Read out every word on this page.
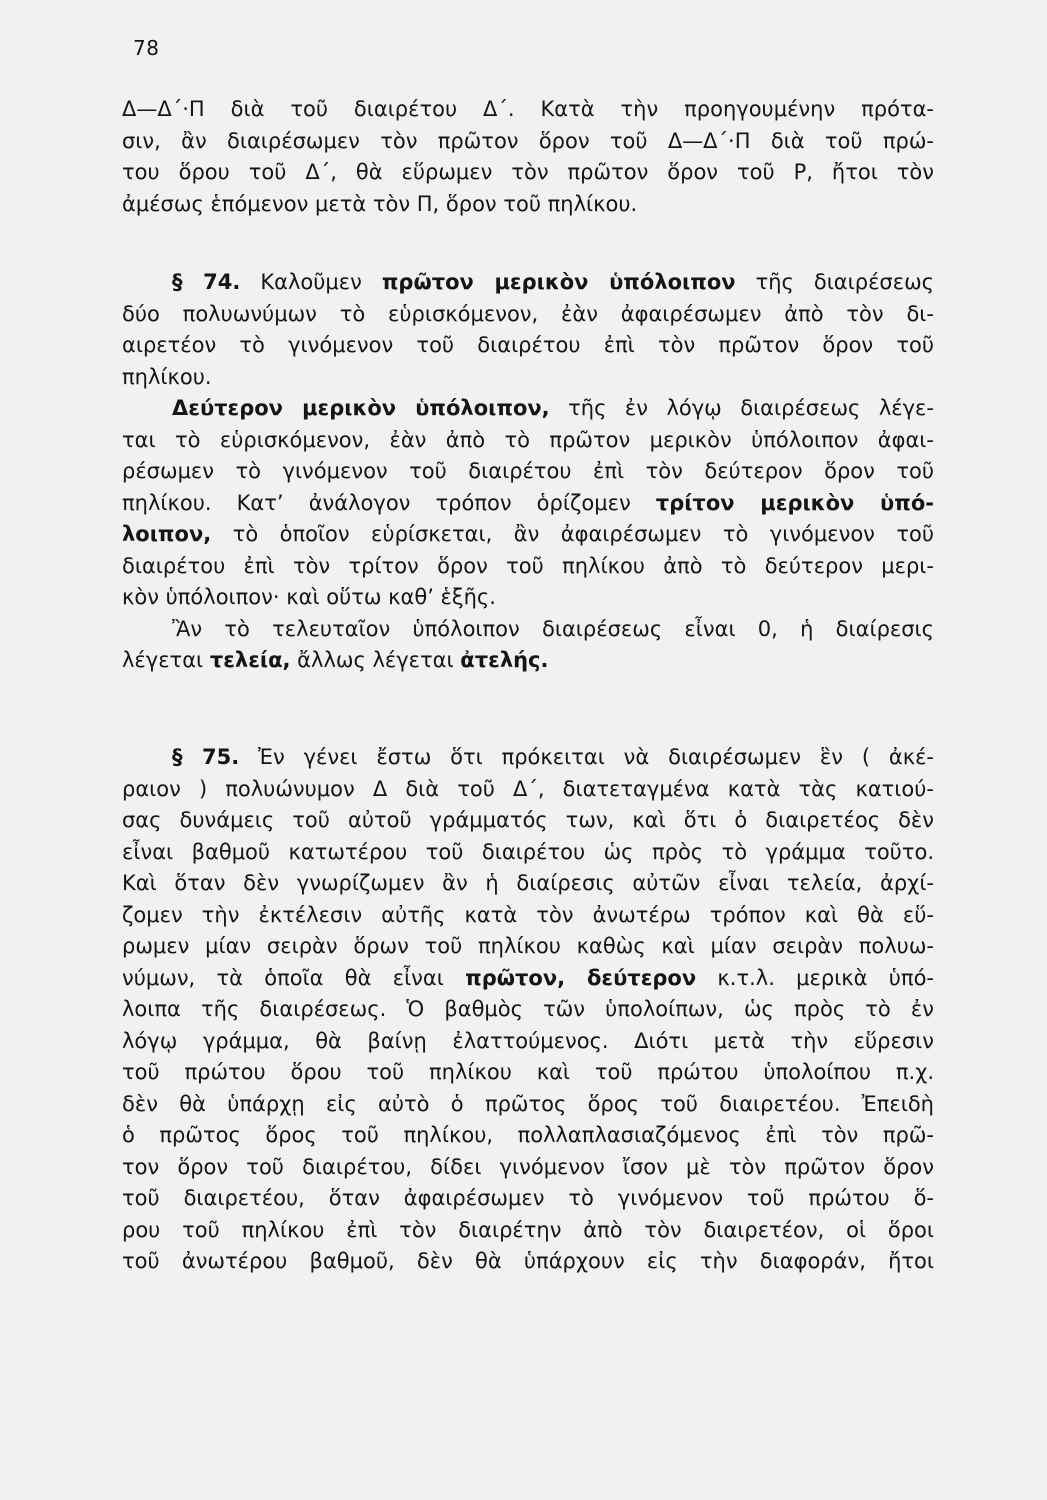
78
Δ—Δ΄·Π διὰ τοῦ διαιρέτου Δ΄. Κατὰ τὴν προηγουμένην πρότα-
σιν, ἂν διαιρέσωμεν τὸν πρῶτον ὅρον τοῦ Δ—Δ΄·Π διὰ τοῦ πρώ-
του ὅρου τοῦ Δ΄, θὰ εὕρωμεν τὸν πρῶτον ὅρον τοῦ Ρ, ἤτοι τὸν
ἀμέσως ἑπόμενον μετὰ τὸν Π, ὅρον τοῦ πηλίκου.
§ 74. Καλοῦμεν πρῶτον μερικὸν ὑπόλοιπον τῆς διαιρέσεως
δύο πολυωνύμων τὸ εὑρισκόμενον, ἐὰν ἀφαιρέσωμεν ἀπὸ τὸν δι-
αιρετέον τὸ γινόμενον τοῦ διαιρέτου ἐπὶ τὸν πρῶτον ὅρον τοῦ
πηλίκου.
Δεύτερον μερικὸν ὑπόλοιπον, τῆς ἐν λόγῳ διαιρέσεως λέγε-
ται τὸ εὑρισκόμενον, ἐὰν ἀπὸ τὸ πρῶτον μερικὸν ὑπόλοιπον ἀφαι-
ρέσωμεν τὸ γινόμενον τοῦ διαιρέτου ἐπὶ τὸν δεύτερον ὅρον τοῦ
πηλίκου. Κατ’ ἀνάλογον τρόπον ὁρίζομεν τρίτον μερικὸν ὑπό-
λοιπον, τὸ ὁποῖον εὑρίσκεται, ἂν ἀφαιρέσωμεν τὸ γινόμενον τοῦ
διαιρέτου ἐπὶ τὸν τρίτον ὅρον τοῦ πηλίκου ἀπὸ τὸ δεύτερον μερι-
κὸν ὑπόλοιπον· καὶ οὕτω καθ’ ἑξῆς.
Ἂν τὸ τελευταῖον ὑπόλοιπον διαιρέσεως εἶναι 0, ἡ διαίρεσις
λέγεται τελεία, ἄλλως λέγεται ἀτελής.
§ 75. Ἐν γένει ἔστω ὅτι πρόκειται νὰ διαιρέσωμεν ἓν ( ἀκέ-
ραιον ) πολυώνυμον Δ διὰ τοῦ Δ΄, διατεταγμένα κατὰ τὰς κατιού-
σας δυνάμεις τοῦ αὐτοῦ γράμματός των, καὶ ὅτι ὁ διαιρετέος δὲν
εἶναι βαθμοῦ κατωτέρου τοῦ διαιρέτου ὡς πρὸς τὸ γράμμα τοῦτο.
Καὶ ὅταν δὲν γνωρίζωμεν ἂν ἡ διαίρεσις αὐτῶν εἶναι τελεία, ἀρχί-
ζομεν τὴν ἐκτέλεσιν αὐτῆς κατὰ τὸν ἀνωτέρω τρόπον καὶ θὰ εὕ-
ρωμεν μίαν σειρὰν ὅρων τοῦ πηλίκου καθὼς καὶ μίαν σειρὰν πολυω-
νύμων, τὰ ὁποῖα θὰ εἶναι πρῶτον, δεύτερον κ.τ.λ. μερικὰ ὑπό-
λοιπα τῆς διαιρέσεως. Ὁ βαθμὸς τῶν ὑπολοίπων, ὡς πρὸς τὸ ἐν
λόγῳ γράμμα, θὰ βαίνῃ ἐλαττούμενος. Διότι μετὰ τὴν εὕρεσιν
τοῦ πρώτου ὅρου τοῦ πηλίκου καὶ τοῦ πρώτου ὑπολοίπου π.χ.
δὲν θὰ ὑπάρχῃ εἰς αὐτὸ ὁ πρῶτος ὅρος τοῦ διαιρετέου. Ἐπειδὴ
ὁ πρῶτος ὅρος τοῦ πηλίκου, πολλαπλασιαζόμενος ἐπὶ τὸν πρῶ-
τον ὅρον τοῦ διαιρέτου, δίδει γινόμενον ἴσον μὲ τὸν πρῶτον ὅρον
τοῦ διαιρετέου, ὅταν ἀφαιρέσωμεν τὸ γινόμενον τοῦ πρώτου ὅ-
ρου τοῦ πηλίκου ἐπὶ τὸν διαιρέτην ἀπὸ τὸν διαιρετέον, οἱ ὅροι
τοῦ ἀνωτέρου βαθμοῦ, δὲν θὰ ὑπάρχουν εἰς τὴν διαφοράν, ἤτοι
